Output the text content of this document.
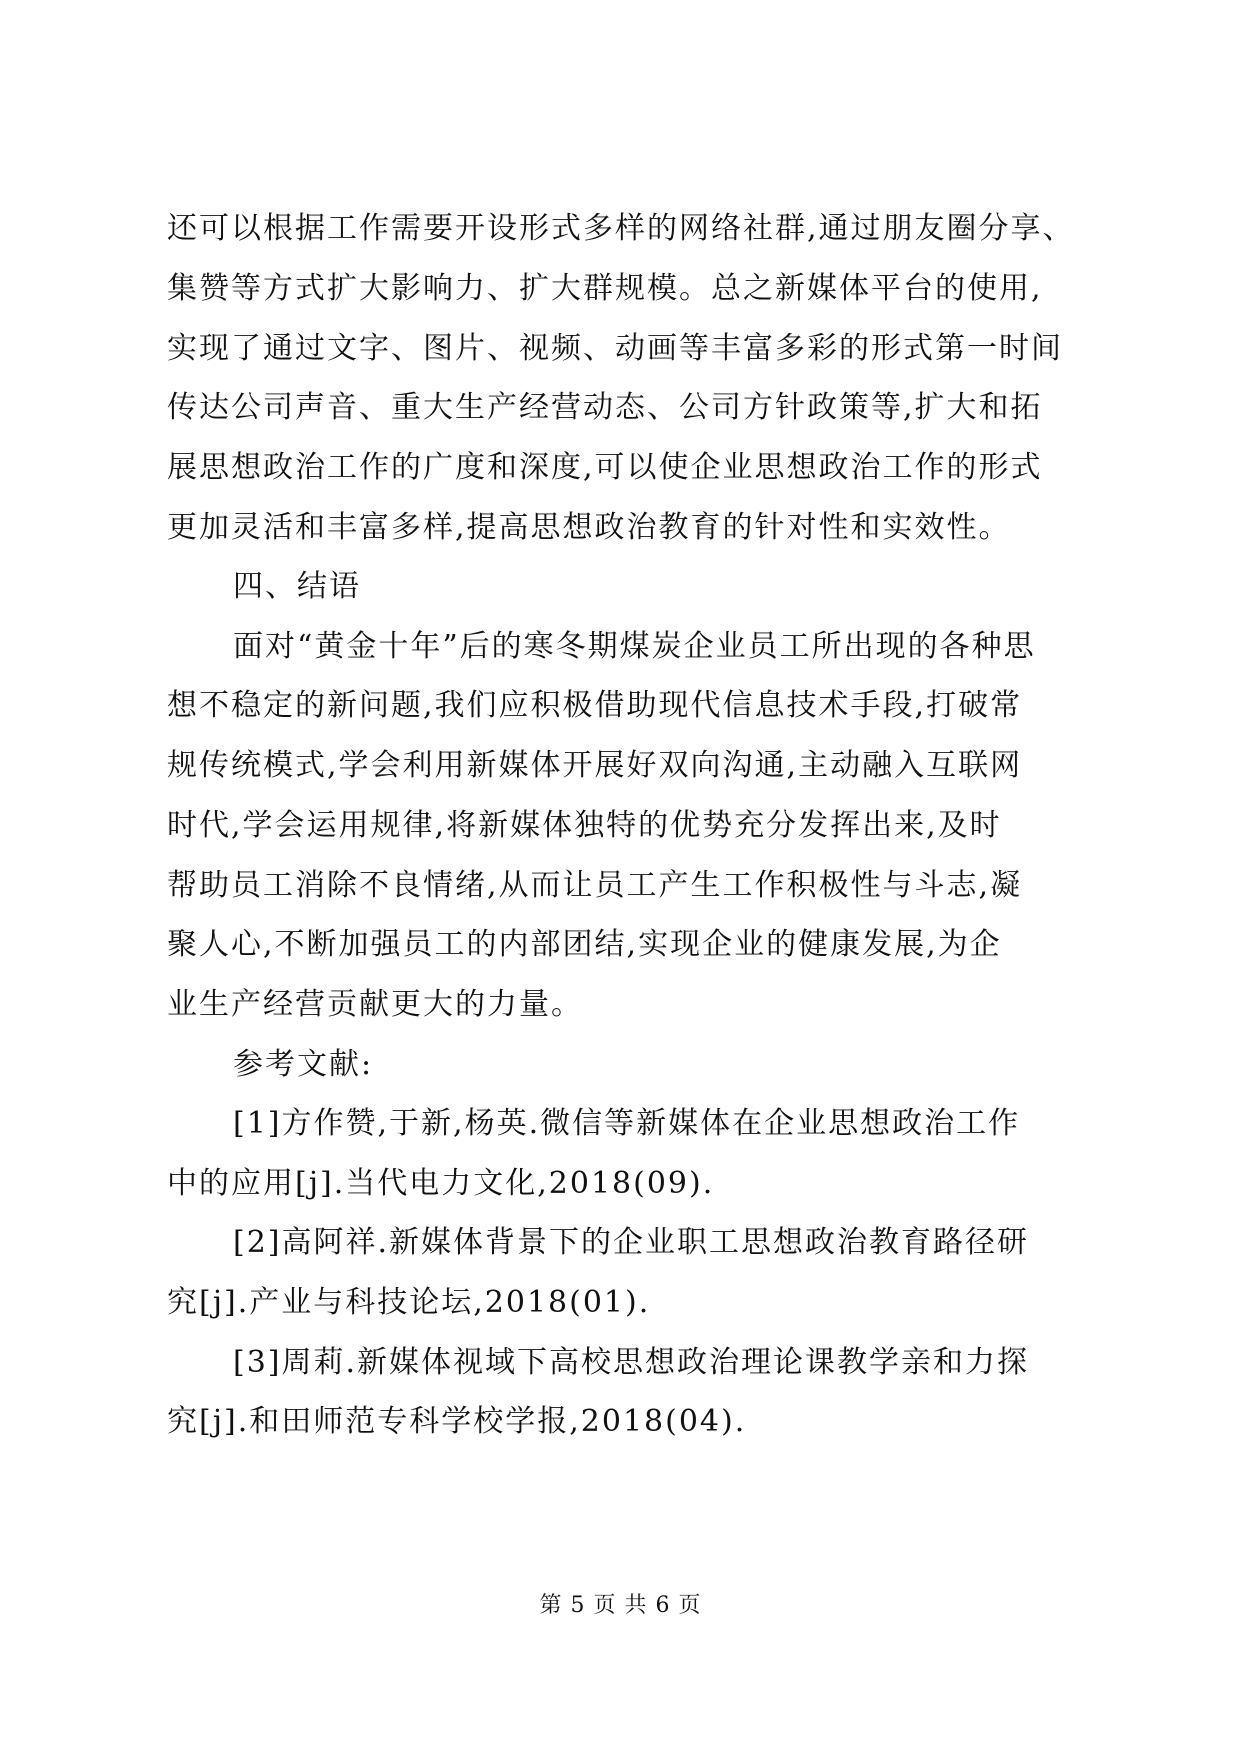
还可以根据工作需要开设形式多样的网络社群,通过朋友圈分享、
集赞等方式扩大影响力、扩大群规模。总之新媒体平台的使用,
实现了通过文字、图片、视频、动画等丰富多彩的形式第一时间
传达公司声音、重大生产经营动态、公司方针政策等,扩大和拓
展思想政治工作的广度和深度,可以使企业思想政治工作的形式
更加灵活和丰富多样,提高思想政治教育的针对性和实效性。
四、结语
面对“黄金十年”后的寒冬期煤炭企业员工所出现的各种思
想不稳定的新问题,我们应积极借助现代信息技术手段,打破常
规传统模式,学会利用新媒体开展好双向沟通,主动融入互联网
时代,学会运用规律,将新媒体独特的优势充分发挥出来,及时
帮助员工消除不良情绪,从而让员工产生工作积极性与斗志,凝
聚人心,不断加强员工的内部团结,实现企业的健康发展,为企
业生产经营贡献更大的力量。
参考文献:
[1]方作赞,于新,杨英.微信等新媒体在企业思想政治工作
中的应用[j].当代电力文化,2018(09).
[2]高阿祥.新媒体背景下的企业职工思想政治教育路径研
究[j].产业与科技论坛,2018(01).
[3]周莉.新媒体视域下高校思想政治理论课教学亲和力探
究[j].和田师范专科学校学报,2018(04).
第 5 页 共 6 页
